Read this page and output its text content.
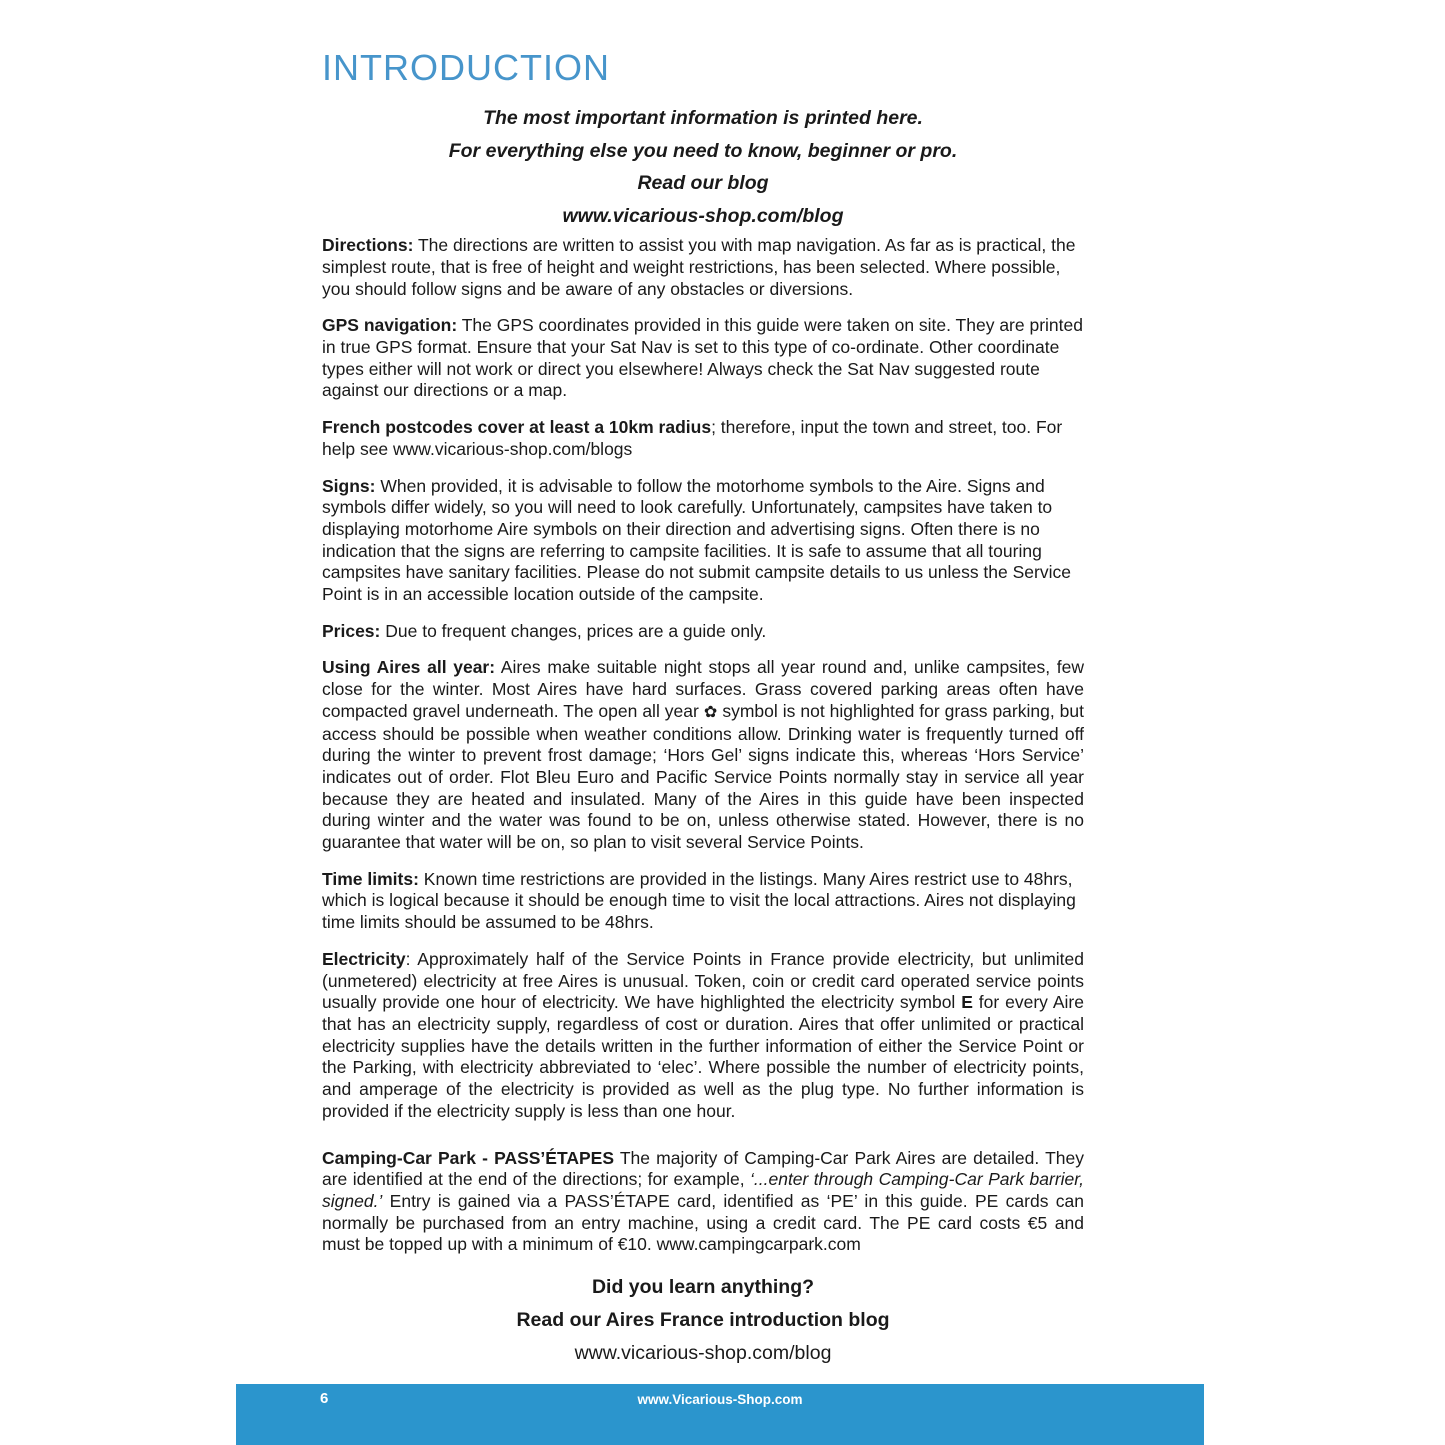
INTRODUCTION

The most important information is printed here.

For everything else you need to know, beginner or pro.

Read our blog

www.vicarious-shop.com/blog

Directions: The directions are written to assist you with map navigation. As far as is practical, the simplest route, that is free of height and weight restrictions, has been selected. Where possible, you should follow signs and be aware of any obstacles or diversions.

GPS navigation: The GPS coordinates provided in this guide were taken on site. They are printed in true GPS format. Ensure that your Sat Nav is set to this type of co-ordinate. Other coordinate types either will not work or direct you elsewhere! Always check the Sat Nav suggested route against our directions or a map.

French postcodes cover at least a 10km radius; therefore, input the town and street, too. For help see www.vicarious-shop.com/blogs

Signs: When provided, it is advisable to follow the motorhome symbols to the Aire. Signs and symbols differ widely, so you will need to look carefully. Unfortunately, campsites have taken to displaying motorhome Aire symbols on their direction and advertising signs. Often there is no indication that the signs are referring to campsite facilities. It is safe to assume that all touring campsites have sanitary facilities. Please do not submit campsite details to us unless the Service Point is in an accessible location outside of the campsite.

Prices: Due to frequent changes, prices are a guide only.

Using Aires all year: Aires make suitable night stops all year round and, unlike campsites, few close for the winter. Most Aires have hard surfaces. Grass covered parking areas often have compacted gravel underneath. The open all year ✿ symbol is not highlighted for grass parking, but access should be possible when weather conditions allow. Drinking water is frequently turned off during the winter to prevent frost damage; ‘Hors Gel’ signs indicate this, whereas ‘Hors Service’ indicates out of order. Flot Bleu Euro and Pacific Service Points normally stay in service all year because they are heated and insulated. Many of the Aires in this guide have been inspected during winter and the water was found to be on, unless otherwise stated. However, there is no guarantee that water will be on, so plan to visit several Service Points.

Time limits: Known time restrictions are provided in the listings. Many Aires restrict use to 48hrs, which is logical because it should be enough time to visit the local attractions. Aires not displaying time limits should be assumed to be 48hrs.

Electricity: Approximately half of the Service Points in France provide electricity, but unlimited (unmetered) electricity at free Aires is unusual. Token, coin or credit card operated service points usually provide one hour of electricity. We have highlighted the electricity symbol E for every Aire that has an electricity supply, regardless of cost or duration. Aires that offer unlimited or practical electricity supplies have the details written in the further information of either the Service Point or the Parking, with electricity abbreviated to ‘elec’. Where possible the number of electricity points, and amperage of the electricity is provided as well as the plug type. No further information is provided if the electricity supply is less than one hour.

Camping-Car Park - PASS’ÉTAPES The majority of Camping-Car Park Aires are detailed. They are identified at the end of the directions; for example, ‘...enter through Camping-Car Park barrier, signed.’ Entry is gained via a PASS’ÉTAPE card, identified as ‘PE’ in this guide. PE cards can normally be purchased from an entry machine, using a credit card. The PE card costs €5 and must be topped up with a minimum of €10. www.campingcarpark.com

Did you learn anything?

Read our Aires France introduction blog

www.vicarious-shop.com/blog

6	www.Vicarious-Shop.com
